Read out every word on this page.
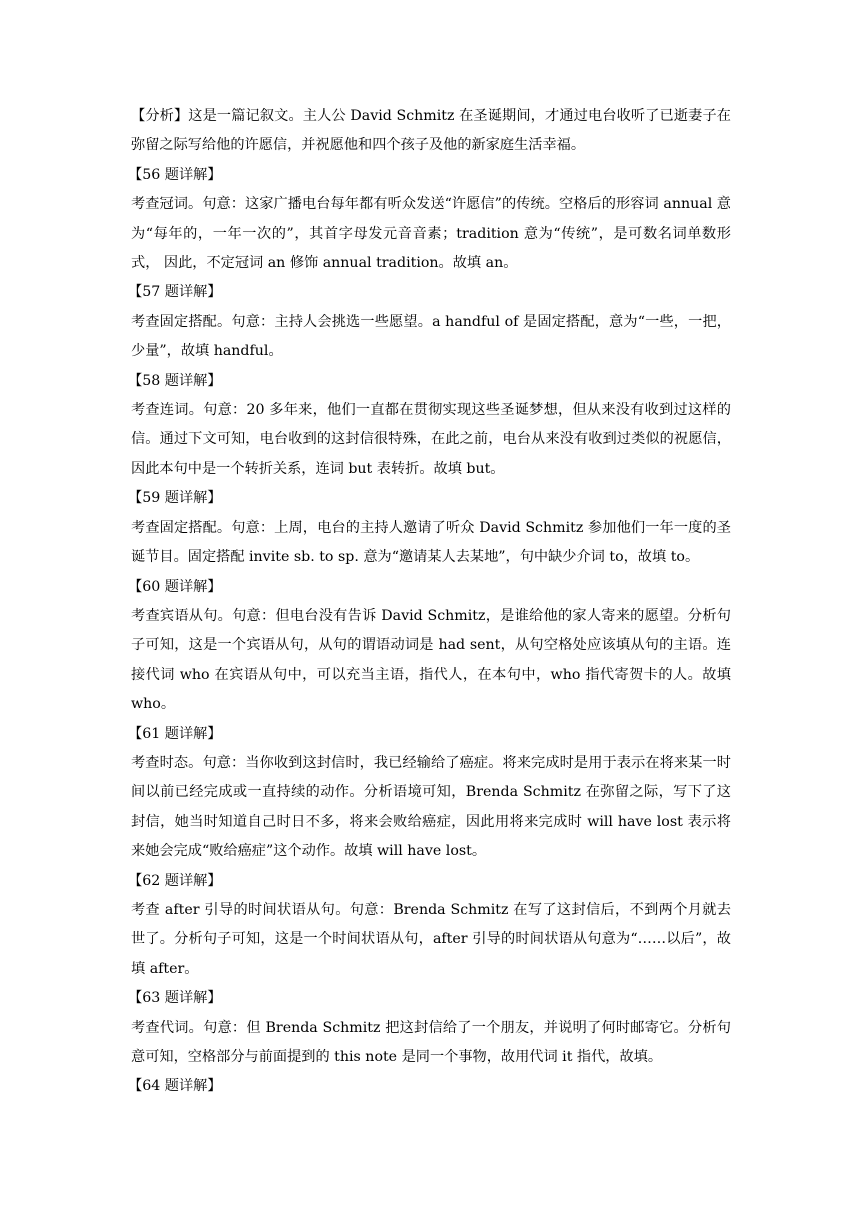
【分析】这是一篇记叙文。主人公 David Schmitz 在圣诞期间，才通过电台收听了已逝妻子在弥留之际写给他的许愿信，并祝愿他和四个孩子及他的新家庭生活幸福。

【56 题详解】

考查冠词。句意：这家广播电台每年都有听众发送“许愿信”的传统。空格后的形容词 annual 意为“每年的，一年一次的”，其首字母发元音音素；tradition 意为“传统”，是可数名词单数形式， 因此，不定冠词 an 修饰 annual tradition。故填 an。

【57 题详解】

考查固定搭配。句意：主持人会挑选一些愿望。a handful of 是固定搭配，意为“一些，一把，少量”，故填 handful。

【58 题详解】

考查连词。句意：20 多年来，他们一直都在贯彻实现这些圣诞梦想，但从来没有收到过这样的信。通过下文可知，电台收到的这封信很特殊，在此之前，电台从来没有收到过类似的祝愿信，因此本句中是一个转折关系，连词 but 表转折。故填 but。

【59 题详解】

考查固定搭配。句意：上周，电台的主持人邀请了听众 David Schmitz 参加他们一年一度的圣诞节目。固定搭配 invite sb. to sp. 意为“邀请某人去某地”，句中缺少介词 to，故填 to。

【60 题详解】

考查宾语从句。句意：但电台没有告诉 David Schmitz，是谁给他的家人寄来的愿望。分析句子可知，这是一个宾语从句，从句的谓语动词是 had sent，从句空格处应该填从句的主语。连接代词 who 在宾语从句中，可以充当主语，指代人，在本句中，who 指代寄贺卡的人。故填 who。

【61 题详解】

考查时态。句意：当你收到这封信时，我已经输给了癌症。将来完成时是用于表示在将来某一时间以前已经完成或一直持续的动作。分析语境可知，Brenda Schmitz 在弥留之际，写下了这封信，她当时知道自己时日不多，将来会败给癌症，因此用将来完成时 will have lost 表示将来她会完成“败给癌症”这个动作。故填 will have lost。

【62 题详解】

考查 after 引导的时间状语从句。句意：Brenda Schmitz 在写了这封信后，不到两个月就去世了。分析句子可知，这是一个时间状语从句，after 引导的时间状语从句意为“……以后”，故填 after。

【63 题详解】

考查代词。句意：但 Brenda Schmitz 把这封信给了一个朋友，并说明了何时邮寄它。分析句意可知，空格部分与前面提到的 this note 是同一个事物，故用代词 it 指代，故填。

【64 题详解】
